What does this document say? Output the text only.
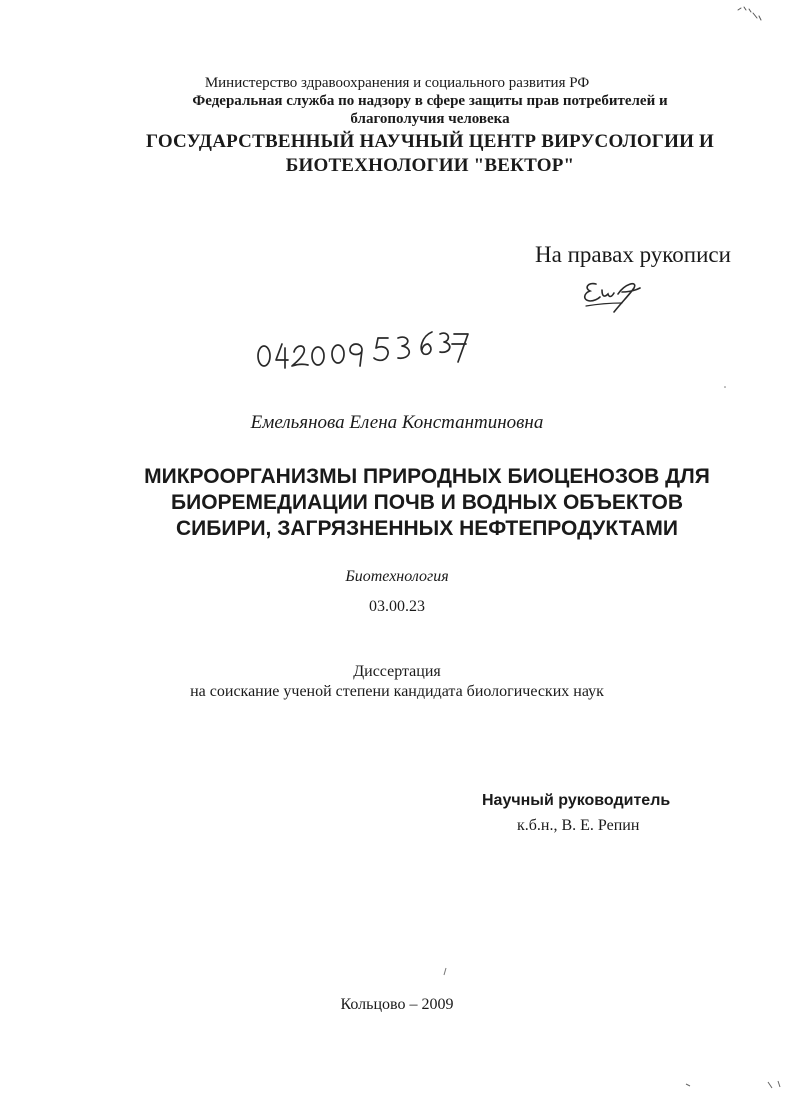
Министерство здравоохранения и социального развития РФ
Федеральная служба по надзору в сфере защиты прав потребителей и
благополучия человека
ГОСУДАРСТВЕННЫЙ НАУЧНЫЙ ЦЕНТР ВИРУСОЛОГИИ И
БИОТЕХНОЛОГИИ "ВЕКТОР"
На правах рукописи
Емельянова Елена Константиновна
МИКРООРГАНИЗМЫ ПРИРОДНЫХ БИОЦЕНОЗОВ ДЛЯ
БИОРЕМЕДИАЦИИ ПОЧВ И ВОДНЫХ ОБЪЕКТОВ
СИБИРИ, ЗАГРЯЗНЕННЫХ НЕФТЕПРОДУКТАМИ
Биотехнология
03.00.23
Диссертация
на соискание ученой степени кандидата биологических наук
Научный руководитель
к.б.н., В. Е. Репин
Кольцово – 2009
